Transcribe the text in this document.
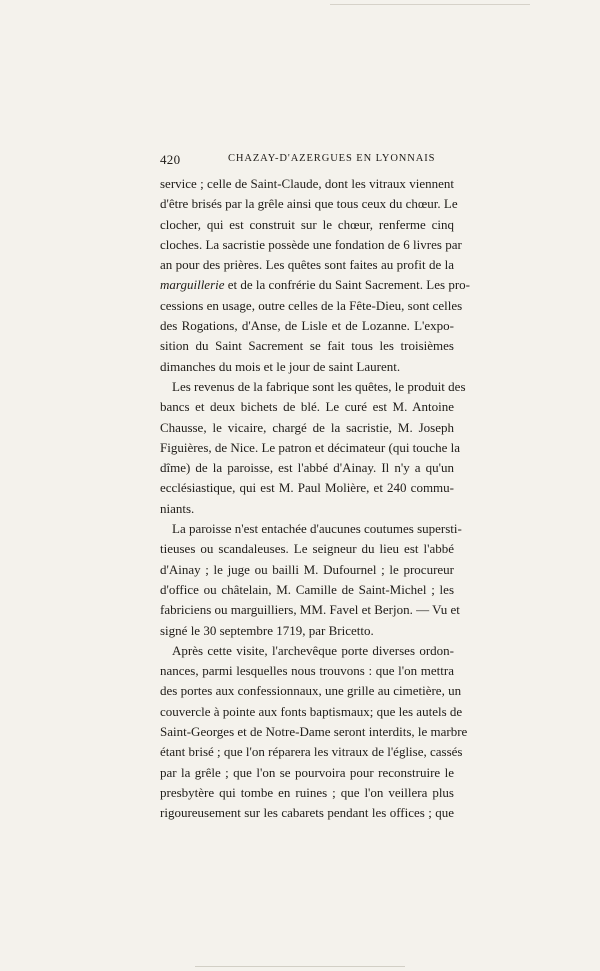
420	CHAZAY-D'AZERGUES EN LYONNAIS
service ; celle de Saint-Claude, dont les vitraux viennent
d'être brisés par la grêle ainsi que tous ceux du chœur. Le
clocher, qui est construit sur le chœur, renferme cinq
cloches. La sacristie possède une fondation de 6 livres par
an pour des prières. Les quêtes sont faites au profit de la
marguillerie et de la confrérie du Saint Sacrement. Les pro-
cessions en usage, outre celles de la Fête-Dieu, sont celles
des Rogations, d'Anse, de Lisle et de Lozanne. L'expo-
sition du Saint Sacrement se fait tous les troisièmes
dimanches du mois et le jour de saint Laurent.
Les revenus de la fabrique sont les quêtes, le produit des
bancs et deux bichets de blé. Le curé est M. Antoine
Chausse, le vicaire, chargé de la sacristie, M. Joseph
Figuières, de Nice. Le patron et décimateur (qui touche la
dîme) de la paroisse, est l'abbé d'Ainay. Il n'y a qu'un
ecclésiastique, qui est M. Paul Molière, et 240 commu-
niants.
La paroisse n'est entachée d'aucunes coutumes supersti-
tieuses ou scandaleuses. Le seigneur du lieu est l'abbé
d'Ainay ; le juge ou bailli M. Dufournel ; le procureur
d'office ou châtelain, M. Camille de Saint-Michel ; les
fabriciens ou marguilliers, MM. Favel et Berjon. — Vu et
signé le 30 septembre 1719, par Bricetto.
Après cette visite, l'archevêque porte diverses ordon-
nances, parmi lesquelles nous trouvons : que l'on mettra
des portes aux confessionnaux, une grille au cimetière, un
couvercle à pointe aux fonts baptismaux; que les autels de
Saint-Georges et de Notre-Dame seront interdits, le marbre
étant brisé ; que l'on réparera les vitraux de l'église, cassés
par la grêle ; que l'on se pourvoira pour reconstruire le
presbytère qui tombe en ruines ; que l'on veillera plus
rigoureusement sur les cabarets pendant les offices ; que
